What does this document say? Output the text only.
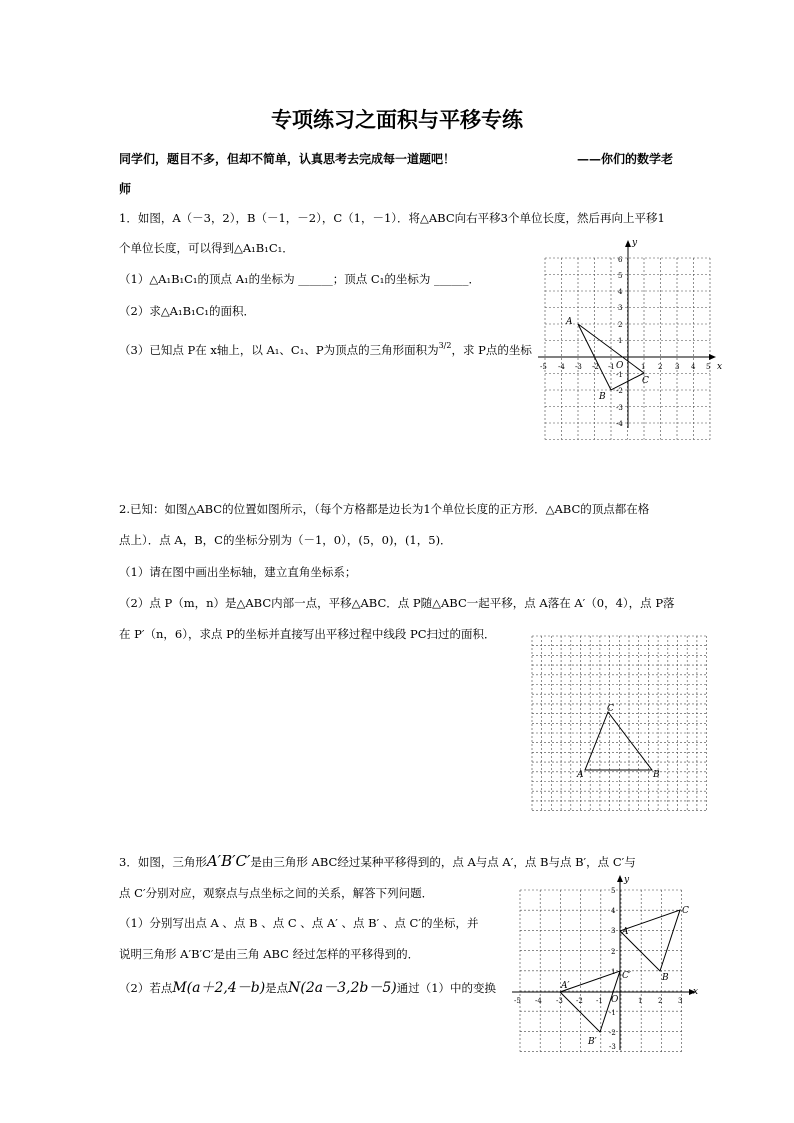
专项练习之面积与平移专练
同学们，题目不多，但却不简单，认真思考去完成每一道题吧！	——你们的数学老
师
1．如图，A（－3，2），B（－1，－2），C（1，－1）．将△ABC向右平移3个单位长度，然后再向上平移1
个单位长度，可以得到△A₁B₁C₁．
（1）△A₁B₁C₁的顶点 A₁的坐标为 ______；顶点 C₁的坐标为 ______．
（2）求△A₁B₁C₁的面积．
（3）已知点 P在 x轴上，以 A₁、C₁、P为顶点的三角形面积为$^{3/2}$，求 P点的坐标
x
y
O
-5 -4 -3 -2 -1	1 2 3 4 5
6
5
4
3
2
1
-1
-2
-3
-4
A
B
C
2.已知：如图△ABC的位置如图所示，（每个方格都是边长为1个单位长度的正方形．△ABC的顶点都在格
点上）．点 A，B，C的坐标分别为（－1，0），(5，0)，(1，5)．
（1）请在图中画出坐标轴，建立直角坐标系；
（2）点 P（m，n）是△ABC内部一点，平移△ABC．点 P随△ABC一起平移，点 A落在 A′（0，4），点 P落
在 P′（n，6），求点 P的坐标并直接写出平移过程中线段 PC扫过的面积．
A	B
C
3．如图，三角形A′B′C′是由三角形 ABC经过某种平移得到的，点 A与点 A′，点 B与点 B′，点 C′与
点 C′分别对应，观察点与点坐标之间的关系，解答下列问题．
（1）分别写出点 A 、点 B 、点 C 、点 A′ 、点 B′ 、点 C′的坐标，并
说明三角形 A′B′C′是由三角 ABC 经过怎样的平移得到的．
（2）若点M(a＋2,4－b)是点N(2a－3,2b－5)通过（1）中的变换	x
y
O
-5 -4 -3 -2 -1	1 2 3
5
4
3
2
1
-1
-2
-3
A
B
C
A′
B′
C′
